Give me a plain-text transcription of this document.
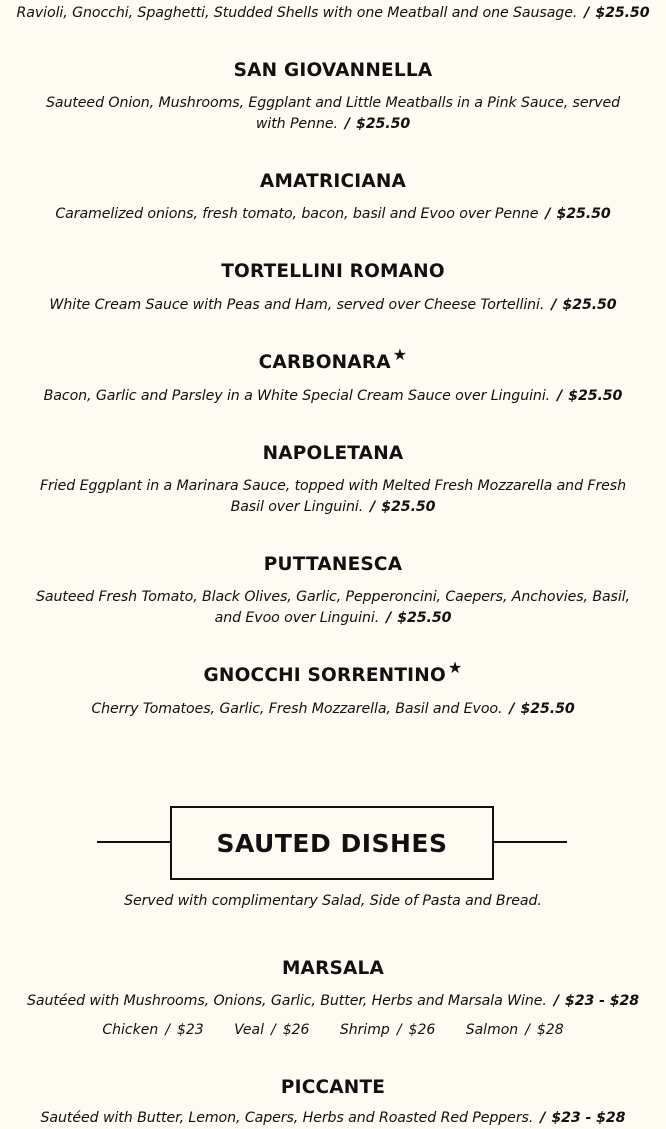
Ravioli, Gnocchi, Spaghetti, Studded Shells with one Meatball and one Sausage. / $25.50
SAN GIOVANNELLA
Sauteed Onion, Mushrooms, Eggplant and Little Meatballs in a Pink Sauce, served with Penne. / $25.50
AMATRICIANA
Caramelized onions, fresh tomato, bacon, basil and Evoo over Penne / $25.50
TORTELLINI ROMANO
White Cream Sauce with Peas and Ham, served over Cheese Tortellini. / $25.50
CARBONARA ★
Bacon, Garlic and Parsley in a White Special Cream Sauce over Linguini. / $25.50
NAPOLETANA
Fried Eggplant in a Marinara Sauce, topped with Melted Fresh Mozzarella and Fresh Basil over Linguini. / $25.50
PUTTANESCA
Sauteed Fresh Tomato, Black Olives, Garlic, Pepperoncini, Caepers, Anchovies, Basil, and Evoo over Linguini. / $25.50
GNOCCHI SORRENTINO ★
Cherry Tomatoes, Garlic, Fresh Mozzarella, Basil and Evoo. / $25.50
SAUTED DISHES
Served with complimentary Salad, Side of Pasta and Bread.
MARSALA
Sautéed with Mushrooms, Onions, Garlic, Butter, Herbs and Marsala Wine. / $23 - $28
Chicken / $23 Veal / $26 Shrimp / $26 Salmon / $28
PICCANTE
Sautéed with Butter, Lemon, Capers, Herbs and Roasted Red Peppers. / $23 - $28
